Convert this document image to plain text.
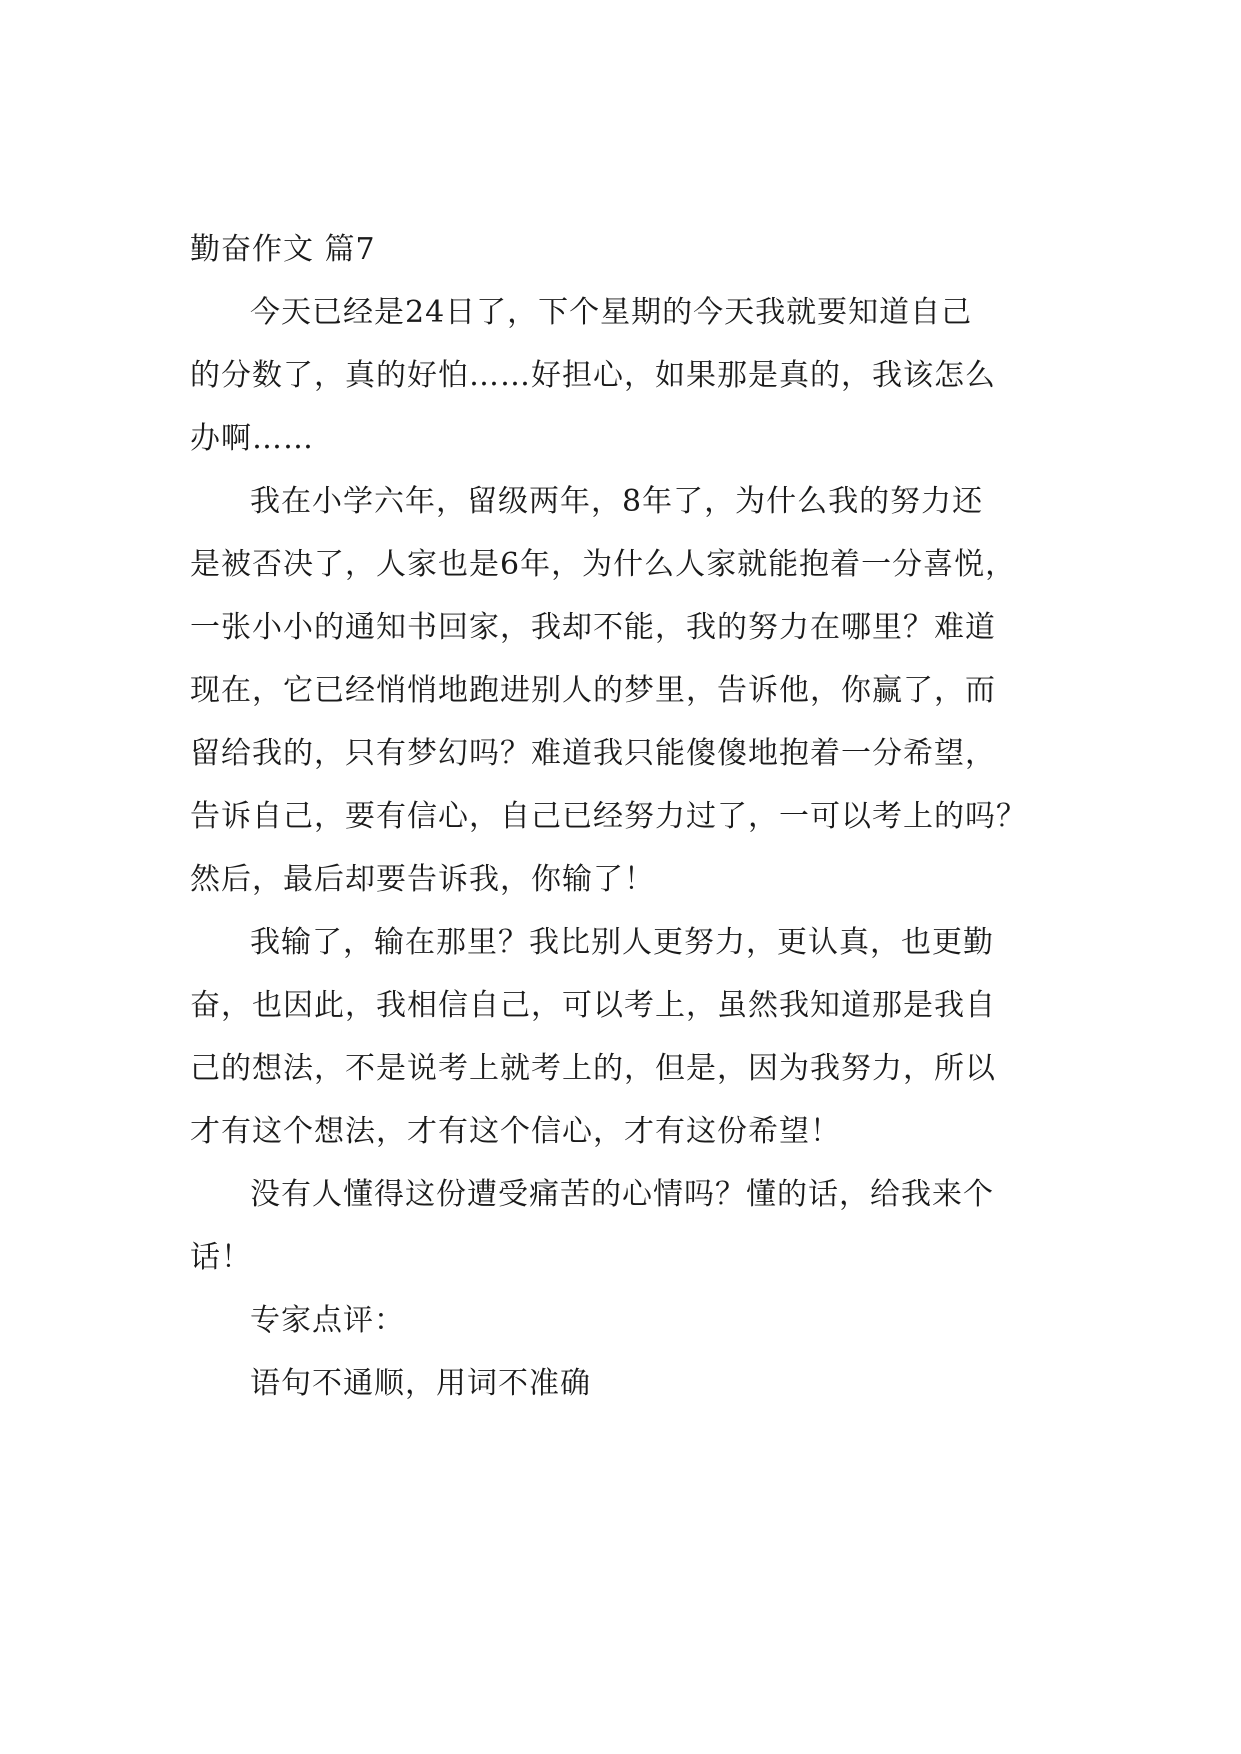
勤奋作文 篇7

今天已经是24日了，下个星期的今天我就要知道自己
的分数了，真的好怕……好担心，如果那是真的，我该怎么
办啊……

我在小学六年，留级两年，8年了，为什么我的努力还
是被否决了，人家也是6年，为什么人家就能抱着一分喜悦，
一张小小的通知书回家，我却不能，我的努力在哪里？难道
现在，它已经悄悄地跑进别人的梦里，告诉他，你赢了，而
留给我的，只有梦幻吗？难道我只能傻傻地抱着一分希望，
告诉自己，要有信心，自己已经努力过了，一可以考上的吗？
然后，最后却要告诉我，你输了！

我输了，输在那里？我比别人更努力，更认真，也更勤
奋，也因此，我相信自己，可以考上，虽然我知道那是我自
己的想法，不是说考上就考上的，但是，因为我努力，所以
才有这个想法，才有这个信心，才有这份希望！

没有人懂得这份遭受痛苦的心情吗？懂的话，给我来个
话！

专家点评：

语句不通顺，用词不准确
